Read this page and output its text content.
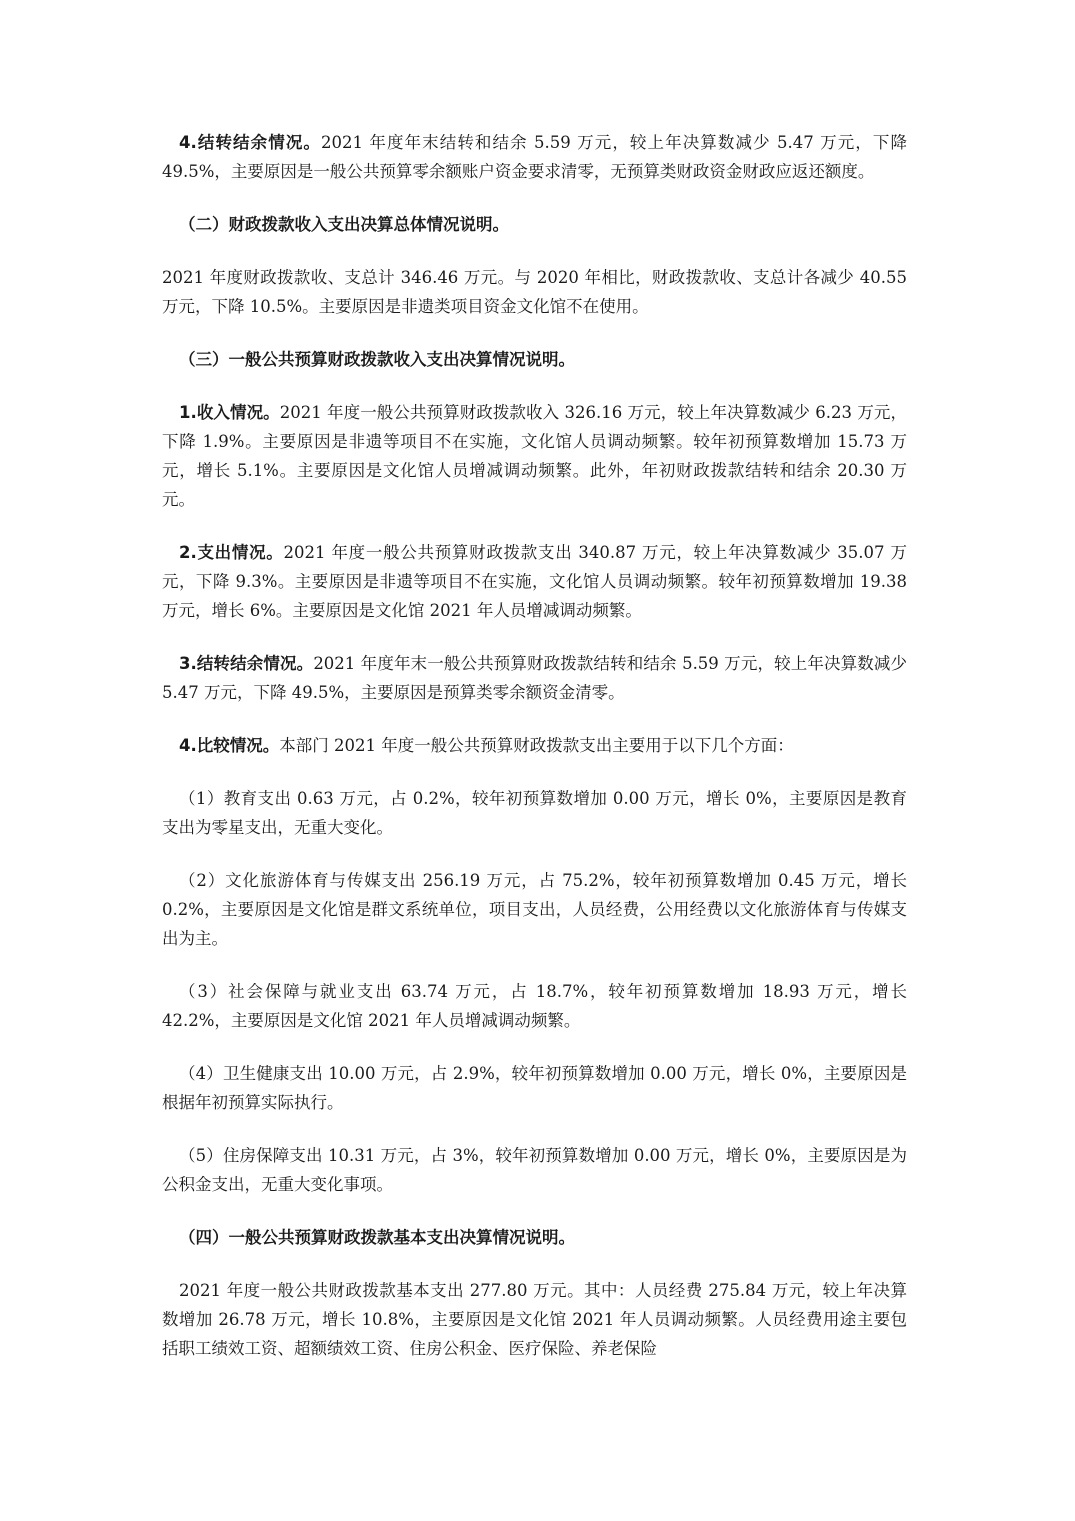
4.结转结余情况。2021 年度年末结转和结余 5.59 万元，较上年决算数减少 5.47 万元，下降 49.5%，主要原因是一般公共预算零余额账户资金要求清零，无预算类财政资金财政应返还额度。

（二）财政拨款收入支出决算总体情况说明。

2021 年度财政拨款收、支总计 346.46 万元。与 2020 年相比，财政拨款收、支总计各减少 40.55 万元，下降 10.5%。主要原因是非遗类项目资金文化馆不在使用。

（三）一般公共预算财政拨款收入支出决算情况说明。

1.收入情况。2021 年度一般公共预算财政拨款收入 326.16 万元，较上年决算数减少 6.23 万元，下降 1.9%。主要原因是非遗等项目不在实施，文化馆人员调动频繁。较年初预算数增加 15.73 万元，增长 5.1%。主要原因是文化馆人员增减调动频繁。此外，年初财政拨款结转和结余 20.30 万元。

2.支出情况。2021 年度一般公共预算财政拨款支出 340.87 万元，较上年决算数减少 35.07 万元，下降 9.3%。主要原因是非遗等项目不在实施，文化馆人员调动频繁。较年初预算数增加 19.38 万元，增长 6%。主要原因是文化馆 2021 年人员增减调动频繁。

3.结转结余情况。2021 年度年末一般公共预算财政拨款结转和结余 5.59 万元，较上年决算数减少 5.47 万元，下降 49.5%，主要原因是预算类零余额资金清零。

4.比较情况。本部门 2021 年度一般公共预算财政拨款支出主要用于以下几个方面：

（1）教育支出 0.63 万元，占 0.2%，较年初预算数增加 0.00 万元，增长 0%，主要原因是教育支出为零星支出，无重大变化。

（2）文化旅游体育与传媒支出 256.19 万元，占 75.2%，较年初预算数增加 0.45 万元，增长 0.2%，主要原因是文化馆是群文系统单位，项目支出，人员经费，公用经费以文化旅游体育与传媒支出为主。

（3）社会保障与就业支出 63.74 万元，占 18.7%，较年初预算数增加 18.93 万元，增长 42.2%，主要原因是文化馆 2021 年人员增减调动频繁。

（4）卫生健康支出 10.00 万元，占 2.9%，较年初预算数增加 0.00 万元，增长 0%，主要原因是根据年初预算实际执行。

（5）住房保障支出 10.31 万元，占 3%，较年初预算数增加 0.00 万元，增长 0%，主要原因是为公积金支出，无重大变化事项。

（四）一般公共预算财政拨款基本支出决算情况说明。

2021 年度一般公共财政拨款基本支出 277.80 万元。其中：人员经费 275.84 万元，较上年决算数增加 26.78 万元，增长 10.8%，主要原因是文化馆 2021 年人员调动频繁。人员经费用途主要包括职工绩效工资、超额绩效工资、住房公积金、医疗保险、养老保险
